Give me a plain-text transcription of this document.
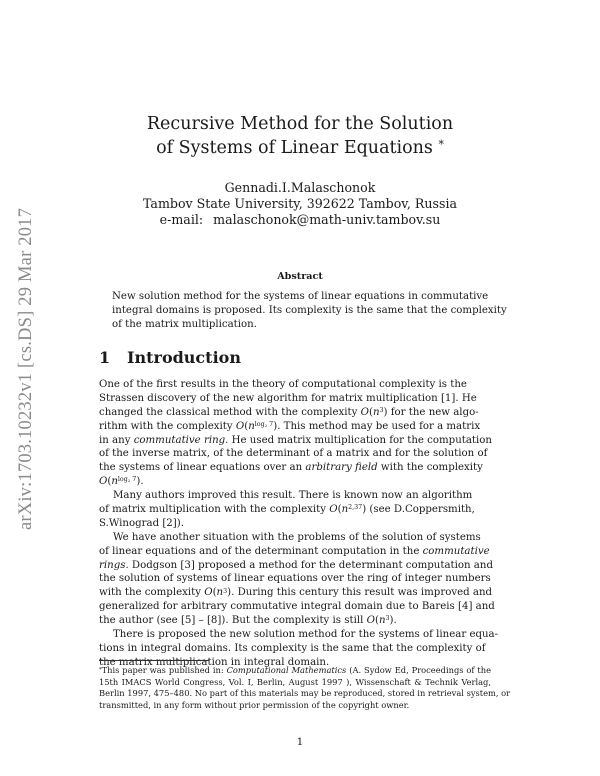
arXiv:1703.10232v1 [cs.DS] 29 Mar 2017
Recursive Method for the Solution
of Systems of Linear Equations *
Gennadi.I.Malaschonok
Tambov State University, 392622 Tambov, Russia
e-mail: malaschonok@math-univ.tambov.su
Abstract
New solution method for the systems of linear equations in commutative
integral domains is proposed. Its complexity is the same that the complexity
of the matrix multiplication.
1 Introduction
One of the first results in the theory of computational complexity is the
Strassen discovery of the new algorithm for matrix multiplication [1]. He
changed the classical method with the complexity $O(n^3)$ for the new algo-
rithm with the complexity $O(n^{log_2 7})$. This method may be used for a matrix
in any commutative ring. He used matrix multiplication for the computation
of the inverse matrix, of the determinant of a matrix and for the solution of
the systems of linear equations over an arbitrary field with the complexity
$O(n^{log_2 7})$.
Many authors improved this result. There is known now an algorithm
of matrix multiplication with the complexity $O(n^{2,37})$ (see D.Coppersmith,
S.Winograd [2]).
We have another situation with the problems of the solution of systems
of linear equations and of the determinant computation in the commutative
rings. Dodgson [3] proposed a method for the determinant computation and
the solution of systems of linear equations over the ring of integer numbers
with the complexity $O(n^3)$. During this century this result was improved and
generalized for arbitrary commutative integral domain due to Bareis [4] and
the author (see [5] – [8]). But the complexity is still $O(n^3)$.
There is proposed the new solution method for the systems of linear equa-
tions in integral domains. Its complexity is the same that the complexity of
the matrix multiplication in integral domain.
*This paper was published in: Computational Mathematics (A. Sydow Ed, Proceedings of the
15th IMACS World Congress, Vol. I, Berlin, August 1997 ), Wissenschaft & Technik Verlag,
Berlin 1997, 475–480. No part of this materials may be reproduced, stored in retrieval system, or
transmitted, in any form without prior permission of the copyright owner.
1
